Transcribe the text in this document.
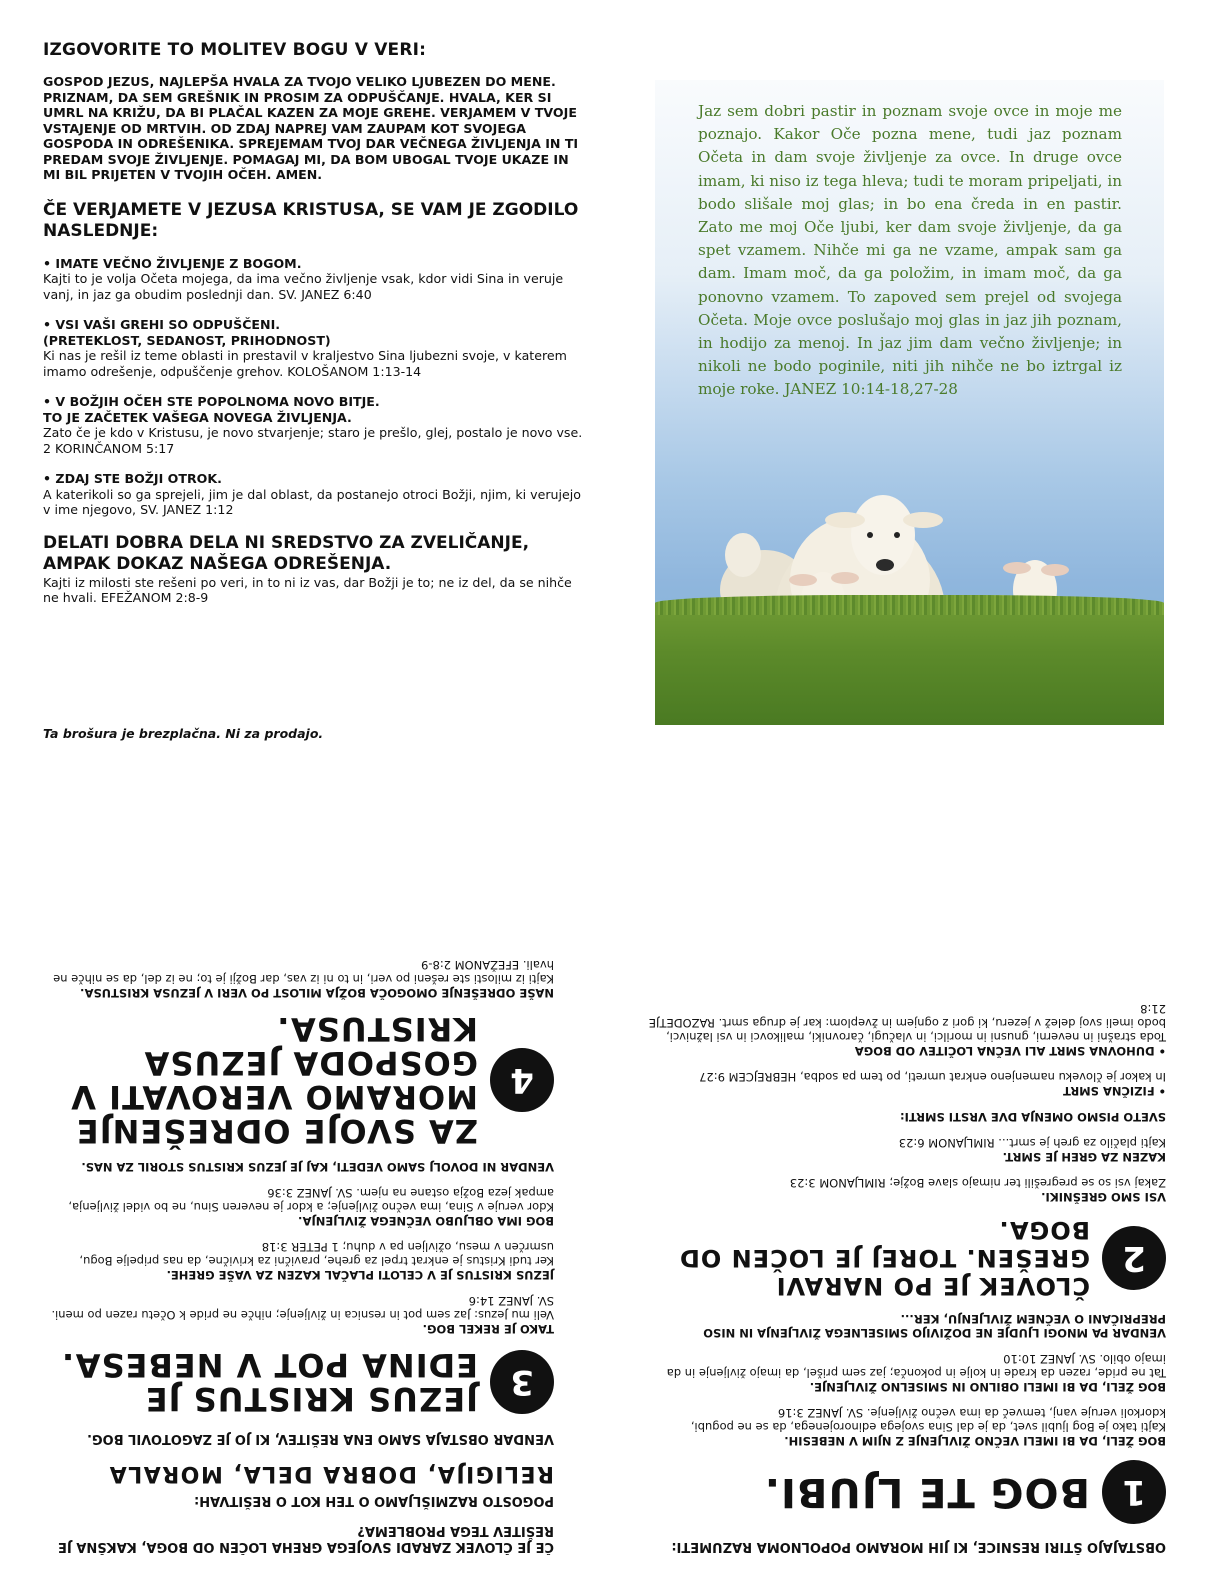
IZGOVORITE TO MOLITEV BOGU V VERI:
GOSPOD JEZUS, NAJLEPŠA HVALA ZA TVOJO VELIKO LJUBEZEN DO MENE. PRIZNAM, DA SEM GREŠNIK IN PROSIM ZA ODPUŠČANJE. HVALA, KER SI UMRL NA KRIŽU, DA BI PLAČAL KAZEN ZA MOJE GREHE. VERJAMEM V TVOJE VSTAJENJE OD MRTVIH. OD ZDAJ NAPREJ VAM ZAUPAM KOT SVOJEGA GOSPODA IN ODREŠENIKA. SPREJEMAM TVOJ DAR VEČNEGA ŽIVLJENJA IN TI PREDAM SVOJE ŽIVLJENJE. POMAGAJ MI, DA BOM UBOGAL TVOJE UKAZE IN MI BIL PRIJETEN V TVOJIH OČEH. AMEN.
ČE VERJAMETE V JEZUSA KRISTUSA, SE VAM JE ZGODILO NASLEDNJE:
• IMATE VEČNO ŽIVLJENJE Z BOGOM.
Kajti to je volja Očeta mojega, da ima večno življenje vsak, kdor vidi Sina in veruje vanj, in jaz ga obudim poslednji dan. SV. JANEZ 6:40
• VSI VAŠI GREHI SO ODPUŠČENI.
(PRETEKLOST, SEDANOST, PRIHODNOST)
Ki nas je rešil iz teme oblasti in prestavil v kraljestvo Sina ljubezni svoje, v katerem imamo odrešenje, odpuščenje grehov. KOLOŠANOM 1:13-14
• V BOŽJIH OČEH STE POPOLNOMA NOVO BITJE.
TO JE ZAČETEK VAŠEGA NOVEGA ŽIVLJENJA.
Zato če je kdo v Kristusu, je novo stvarjenje; staro je prešlo, glej, postalo je novo vse. 2 KORINČANOM 5:17
• ZDAJ STE BOŽJI OTROK.
A katerikoli so ga sprejeli, jim je dal oblast, da postanejo otroci Božji, njim, ki verujejo v ime njegovo, SV. JANEZ 1:12
DELATI DOBRA DELA NI SREDSTVO ZA ZVELIČANJE, AMPAK DOKAZ NAŠEGA ODREŠENJA.
Kajti iz milosti ste rešeni po veri, in to ni iz vas, dar Božji je to; ne iz del, da se nihče ne hvali. EFEŽANOM 2:8-9
Ta brošura je brezplačna. Ni za prodajo.
Jaz sem dobri pastir in poznam svoje ovce in moje me poznajo. Kakor Oče pozna mene, tudi jaz poznam Očeta in dam svoje življenje za ovce. In druge ovce imam, ki niso iz tega hleva; tudi te moram pripeljati, in bodo slišale moj glas; in bo ena čreda in en pastir. Zato me moj Oče ljubi, ker dam svoje življenje, da ga spet vzamem. Nihče mi ga ne vzame, ampak sam ga dam. Imam moč, da ga položim, in imam moč, da ga ponovno vzamem. To zapoved sem prejel od svojega Očeta. Moje ovce poslušajo moj glas in jaz jih poznam, in hodijo za menoj. In jaz jim dam večno življenje; in nikoli ne bodo poginile, niti jih nihče ne bo iztrgal iz moje roke. JANEZ 10:14-18,27-28
OBSTAJAJO ŠTIRI RESNICE, KI JIH MORAMO POPOLNOMA RAZUMETI:
1
BOG TE LJUBI.
BOG ŽELI, DA BI IMELI VEČNO ŽIVLJENJE Z NJIM V NEBESIH.
Kajti tako je Bog ljubil svet, da je dal Sina svojega edinorojenega, da se ne pogubi, kdorkoli veruje vanj, temveč da ima večno življenje. SV. JANEZ 3:16
BOG ŽELI, DA BI IMELI OBILNO IN SMISELNO ŽIVLJENJE.
Tat ne pride, razen da krade in kolje in pokonča; jaz sem prišel, da imajo življenje in da imajo obilo. SV. JANEZ 10:10
VENDAR PA MNOGI LJUDJE NE DOŽIVIJO SMISELNEGA ŽIVLJENJA IN NISO PREPRIČANI O VEČNEM ŽIVLJENJU, KER...
2
ČLOVEK JE PO NARAVI GREŠEN. TOREJ JE LOČEN OD BOGA.
VSI SMO GREŠNIKI.
Zakaj vsi so se pregrešili ter nimajo slave Božje; RIMLJANOM 3:23
KAZEN ZA GREH JE SMRT.
Kajti plačilo za greh je smrt... RIMLJANOM 6:23
SVETO PISMO OMENJA DVE VRSTI SMRTI:
• FIZIČNA SMRT
In kakor je človeku namenjeno enkrat umreti, po tem pa sodba, HEBREJCEM 9:27
• DUHOVNA SMRT ALI VEČNA LOČITEV OD BOGA
Toda strašni in neverni, gnusni in morilci, in vlačugi, čarovniki, malikovci in vsi lažnivci, bodo imeli svoj delež v jezeru, ki gori z ognjem in žveplom: kar je druga smrt. RAZODETJE 21:8
ČE JE ČLOVEK ZARADI SVOJEGA GREHA LOČEN OD BOGA, KAKŠNA JE REŠITEV TEGA PROBLEMA?
POGOSTO RAZMIŠLJAMO O TEH KOT O REŠITVAH:
RELIGIJA, DOBRA DELA, MORALA
VENDAR OBSTAJA SAMO ENA REŠITEV, KI JO JE ZAGOTOVIL BOG.
3
JEZUS KRISTUS JE EDINA POT V NEBESA.
TAKO JE REKEL BOG.
Veli mu Jezus: Jaz sem pot in resnica in življenje; nihče ne pride k Očetu razen po meni. SV. JANEZ 14:6
JEZUS KRISTUS JE V CELOTI PLAČAL KAZEN ZA VAŠE GREHE.
Ker tudi Kristus je enkrat trpel za grehe, pravični za krivične, da nas pripelje Bogu, usmrčen v mesu, oživljen pa v duhu; 1 PETER 3:18
BOG IMA OBLJUBO VEČNEGA ŽIVLJENJA.
Kdor veruje v Sina, ima večno življenje; a kdor je neveren Sinu, ne bo videl življenja, ampak jeza Božja ostane na njem. SV. JANEZ 3:36
VENDAR NI DOVOLJ SAMO VEDETI, KAJ JE JEZUS KRISTUS STORIL ZA NAS.
4
ZA SVOJE ODREŠENJE MORAMO VEROVATI V GOSPODA JEZUSA KRISTUSA.
NAŠE ODREŠENJE OMOGOČA BOŽJA MILOST PO VERI V JEZUSA KRISTUSA.
Kajti iz milosti ste rešeni po veri, in to ni iz vas, dar Božji je to; ne iz del, da se nihče ne hvali. EFEŽANOM 2:8-9
